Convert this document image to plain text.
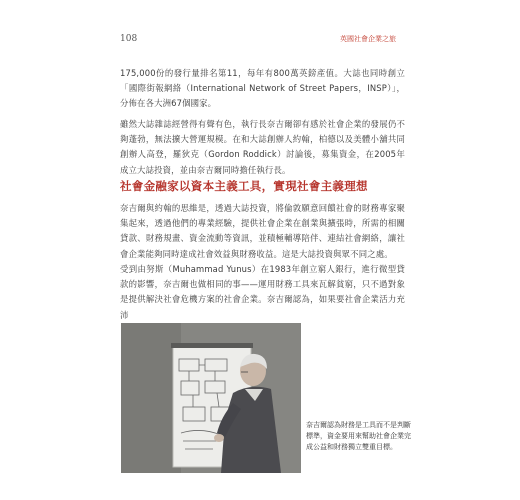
108	英國社會企業之旅
175,000份的發行量排名第11，每年有800萬英鎊產值。大誌也同時創立「國際街報網絡（International Network of Street Papers，INSP）」，分佈在各大洲67個國家。
雖然大誌雜誌經營得有聲有色，執行長奈吉爾卻有感於社會企業的發展仍不夠蓬勃，無法擴大營運規模。在和大誌創辦人約翰，柏德以及美體小舖共同創辦人高登，羅狄克（Gordon Roddick）討論後，募集資金，在2005年成立大誌投資，並由奈吉爾同時擔任執行長。
社會金融家以資本主義工具，實現社會主義理想
奈吉爾與約翰的思維是，透過大誌投資，將倫敦願意回饋社會的財務專家聚集起來，透過他們的專業經驗，提供社會企業在創業與擴張時，所需的相關貸款、財務規畫、資金流動等資訊，並積極輔導陪伴、連結社會網絡，讓社會企業能夠同時達成社會效益與財務收益。這是大誌投資與眾不同之處。
受到由努斯（Muhammad Yunus）在1983年創立窮人銀行，進行微型貸款的影響，奈吉爾也做相同的事——運用財務工具來瓦解貧窮，只不過對象是提供解決社會危機方案的社會企業。奈吉爾認為，如果要社會企業活力充沛
奈吉爾認為財務是工具而不是判斷標準，資金要用來幫助社會企業完成公益和財務獨立雙重目標。
